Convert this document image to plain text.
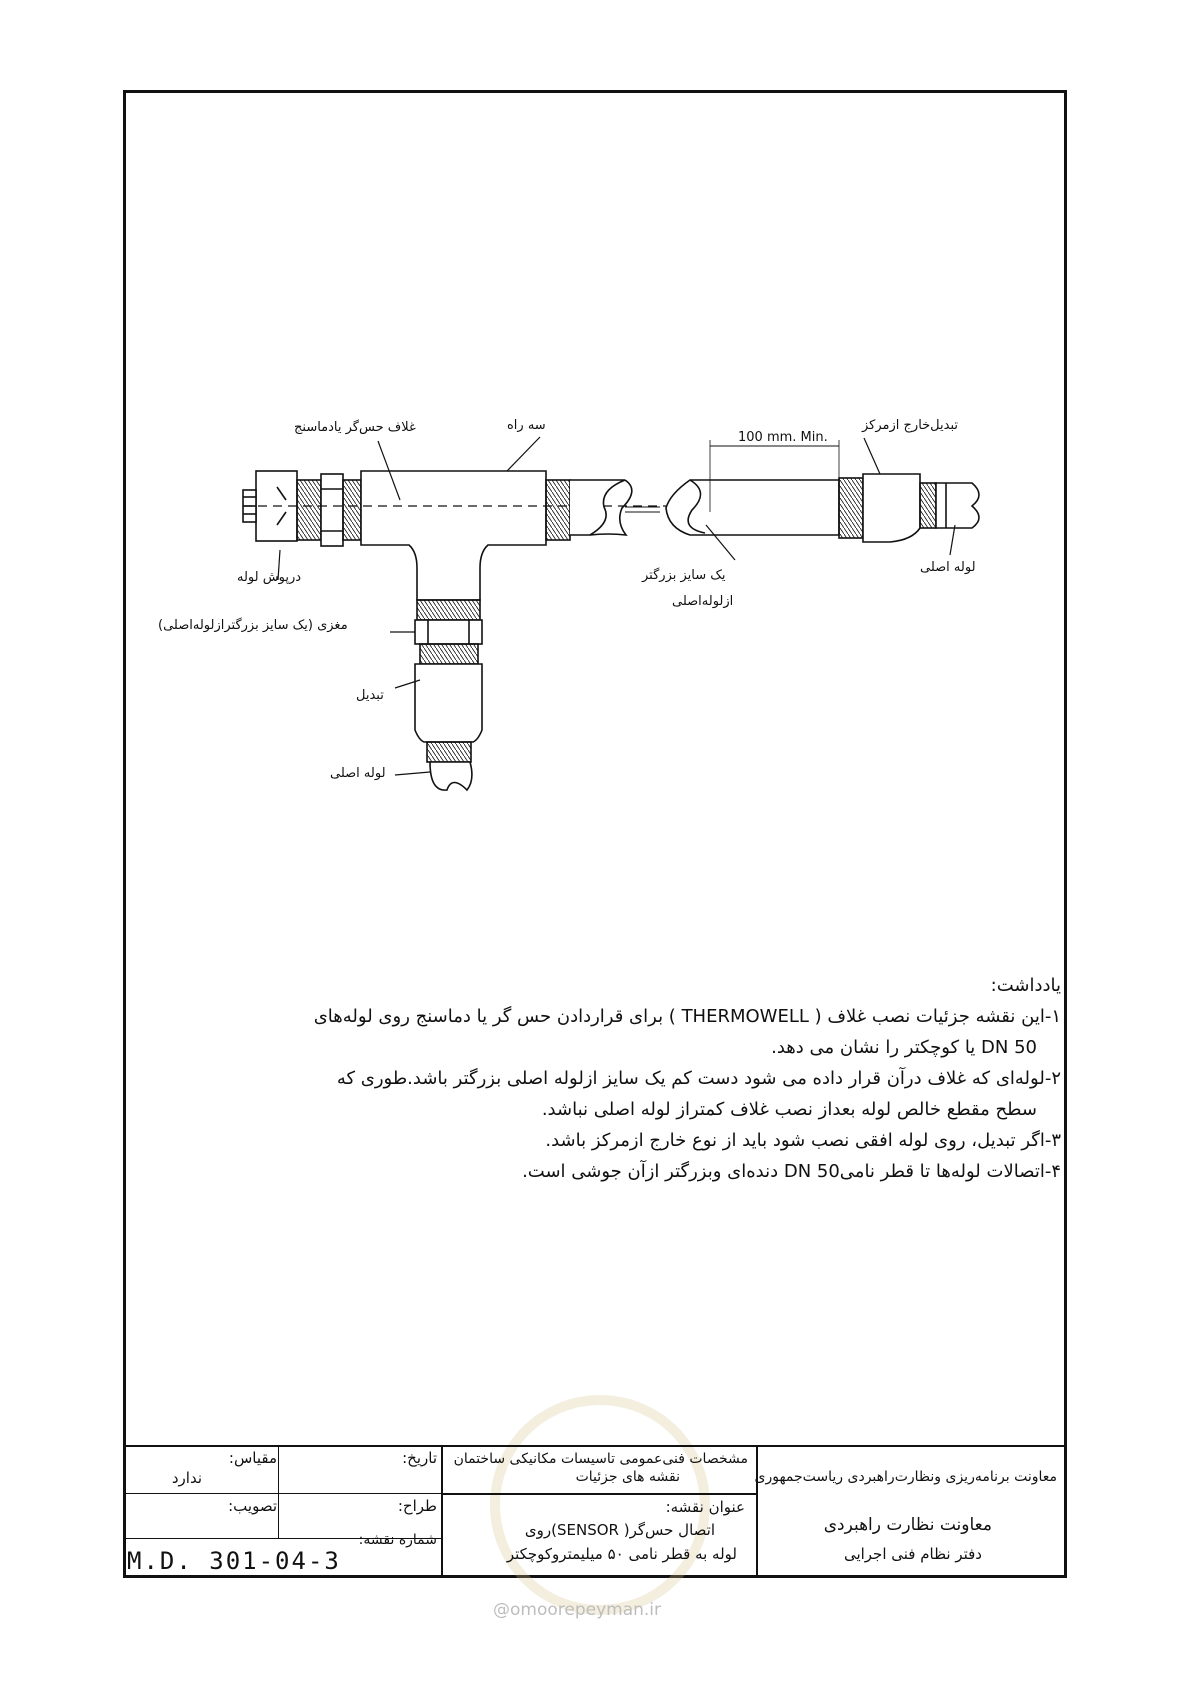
غلاف حس‌گر یادماسنج	سه راه
100 mm. Min.
تبدیل‌خارج ازمرکز
درپوش لوله	یک سایز بزرگتر
ازلوله‌اصلی
لوله اصلی
مغزی (یک سایز بزرگترازلوله‌اصلی)
تبدیل
لوله اصلی
یادداشت:
۱-این نقشه جزئیات نصب غلاف ( THERMOWELL ) برای قراردادن حس گر یا دماسنج روی لوله‌های
DN 50 یا کوچکتر را نشان می دهد.
۲-لوله‌ای که غلاف درآن قرار داده می شود دست کم یک سایز ازلوله اصلی بزرگتر باشد.طوری که
سطح مقطع خالص لوله بعداز نصب غلاف کمتراز لوله اصلی نباشد.
۳-اگر تبدیل، روی لوله افقی نصب شود باید از نوع خارج ازمرکز باشد.
۴-اتصالات لوله‌ها تا قطر نامیDN 50 دنده‌ای وبزرگتر ازآن جوشی است.
معاونت برنامه‌ریزی ونظارت‌راهبردی ریاست‌جمهوری
معاونت نظارت راهبردی
دفتر نظام فنی اجرایی
مشخصات فنی‌عمومی تاسیسات مکانیکی ساختمان
نقشه های جزئیات
عنوان نقشه:
اتصال حس‌گر( SENSOR)روی
لوله به قطر نامی ۵۰ میلیمتروکوچکتر
تاریخ:
مقیاس:
ندارد
طراح:
تصویب:
شماره نقشه:
M.D. 301-04-3
@omoorepeyman.ir
